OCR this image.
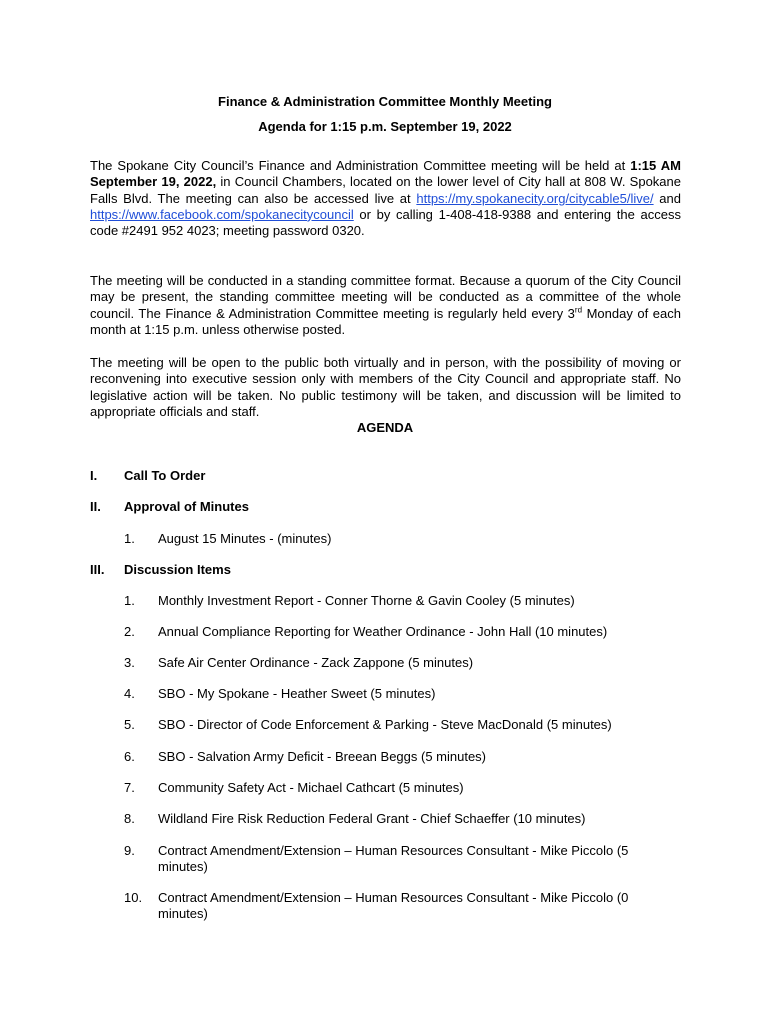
Finance & Administration Committee Monthly Meeting
Agenda for 1:15 p.m. September 19, 2022
The Spokane City Council’s Finance and Administration Committee meeting will be held at 1:15 AM September 19, 2022, in Council Chambers, located on the lower level of City hall at 808 W. Spokane Falls Blvd. The meeting can also be accessed live at https://my.spokanecity.org/citycable5/live/ and https://www.facebook.com/spokanecitycouncil or by calling 1-408-418-9388 and entering the access code #2491 952 4023; meeting password 0320.
The meeting will be conducted in a standing committee format. Because a quorum of the City Council may be present, the standing committee meeting will be conducted as a committee of the whole council. The Finance & Administration Committee meeting is regularly held every 3rd Monday of each month at 1:15 p.m. unless otherwise posted.
The meeting will be open to the public both virtually and in person, with the possibility of moving or reconvening into executive session only with members of the City Council and appropriate staff. No legislative action will be taken. No public testimony will be taken, and discussion will be limited to appropriate officials and staff.
AGENDA
I. Call To Order
II. Approval of Minutes
1. August 15 Minutes - (minutes)
III. Discussion Items
1. Monthly Investment Report - Conner Thorne & Gavin Cooley (5 minutes)
2. Annual Compliance Reporting for Weather Ordinance - John Hall (10 minutes)
3. Safe Air Center Ordinance - Zack Zappone (5 minutes)
4. SBO - My Spokane - Heather Sweet (5 minutes)
5. SBO - Director of Code Enforcement & Parking - Steve MacDonald (5 minutes)
6. SBO - Salvation Army Deficit - Breean Beggs (5 minutes)
7. Community Safety Act - Michael Cathcart (5 minutes)
8. Wildland Fire Risk Reduction Federal Grant - Chief Schaeffer (10 minutes)
9. Contract Amendment/Extension – Human Resources Consultant - Mike Piccolo (5 minutes)
10. Contract Amendment/Extension – Human Resources Consultant - Mike Piccolo (0 minutes)
